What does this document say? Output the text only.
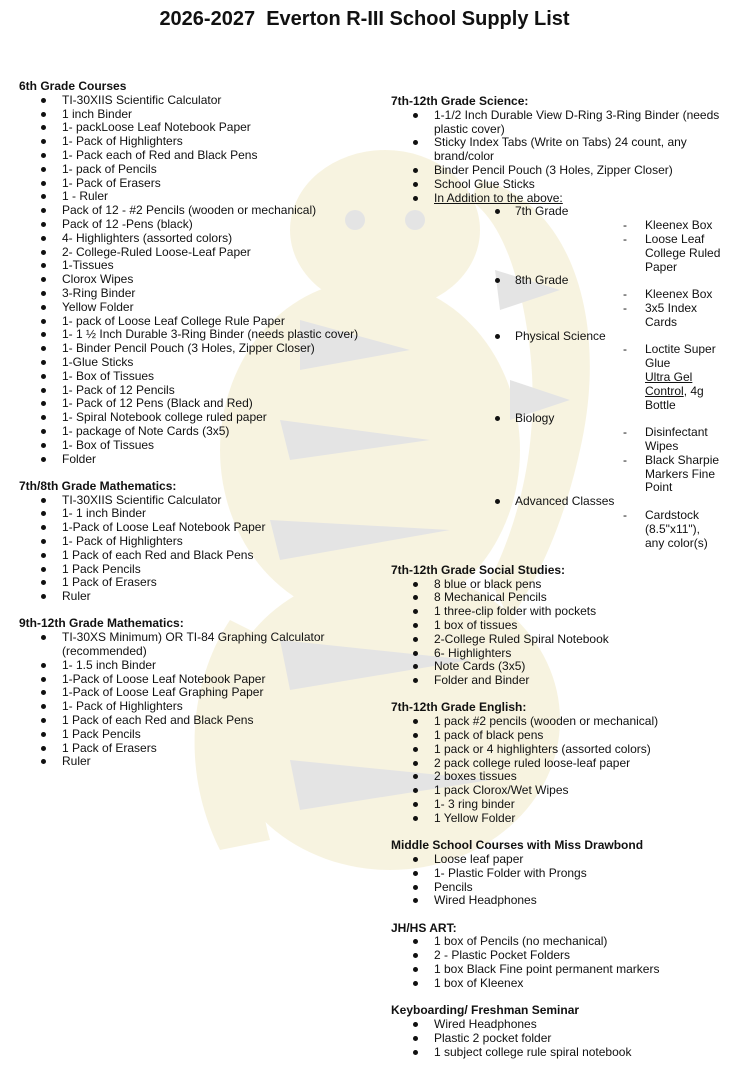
2026-2027  Everton R-III School Supply List
6th Grade Courses
TI-30XIIS Scientific Calculator
1 inch Binder
1- packLoose Leaf Notebook Paper
1- Pack of Highlighters
1- Pack each of Red and Black Pens
1- pack of Pencils
1- Pack of Erasers
1 - Ruler
Pack of 12 - #2 Pencils (wooden or mechanical)
Pack of 12 -Pens (black)
4- Highlighters (assorted colors)
2- College-Ruled Loose-Leaf Paper
1-Tissues
Clorox Wipes
3-Ring Binder
Yellow Folder
1- pack of Loose Leaf College Rule Paper
1- 1 ½ Inch Durable 3-Ring Binder (needs plastic cover)
1- Binder Pencil Pouch (3 Holes, Zipper Closer)
1-Glue Sticks
1- Box of Tissues
1- Pack of 12 Pencils
1- Pack of 12 Pens (Black and Red)
1- Spiral Notebook college ruled paper
1- package of Note Cards (3x5)
1- Box of Tissues
Folder
7th/8th Grade Mathematics:
TI-30XIIS Scientific Calculator
1- 1 inch Binder
1-Pack of Loose Leaf Notebook Paper
1- Pack of Highlighters
1 Pack of each Red and Black Pens
1 Pack Pencils
1 Pack of Erasers
Ruler
9th-12th Grade Mathematics:
TI-30XS Minimum) OR TI-84 Graphing Calculator (recommended)
1- 1.5 inch Binder
1-Pack of Loose Leaf Notebook Paper
1-Pack of Loose Leaf Graphing Paper
1- Pack of Highlighters
1 Pack of each Red and Black Pens
1 Pack Pencils
1 Pack of Erasers
Ruler
7th-12th Grade Science:
1-1/2 Inch Durable View D-Ring 3-Ring Binder (needs plastic cover)
Sticky Index Tabs (Write on Tabs) 24 count, any brand/color
Binder Pencil Pouch (3 Holes, Zipper Closer)
School Glue Sticks
In Addition to the above:
7th Grade
- Kleenex Box
- Loose Leaf College Ruled Paper
8th Grade
- Kleenex Box
- 3x5 Index Cards
Physical Science
- Loctite Super Glue
Ultra Gel Control, 4g Bottle
Biology
- Disinfectant Wipes
- Black Sharpie Markers Fine Point
Advanced Classes
- Cardstock (8.5"x11"), any color(s)
7th-12th Grade Social Studies:
8 blue or black pens
8 Mechanical Pencils
1 three-clip folder with pockets
1 box of tissues
2-College Ruled Spiral Notebook
6- Highlighters
Note Cards (3x5)
Folder and Binder
7th-12th Grade English:
1 pack #2 pencils (wooden or mechanical)
1 pack of black pens
1 pack or 4 highlighters (assorted colors)
2 pack college ruled loose-leaf paper
2 boxes tissues
1 pack Clorox/Wet Wipes
1- 3 ring binder
1 Yellow Folder
Middle School Courses with Miss Drawbond
Loose leaf paper
1- Plastic Folder with Prongs
Pencils
Wired Headphones
JH/HS ART:
1 box of Pencils (no mechanical)
2 - Plastic Pocket Folders
1 box Black Fine point permanent markers
1 box of Kleenex
Keyboarding/ Freshman Seminar
Wired Headphones
Plastic 2 pocket folder
1 subject college rule spiral notebook
